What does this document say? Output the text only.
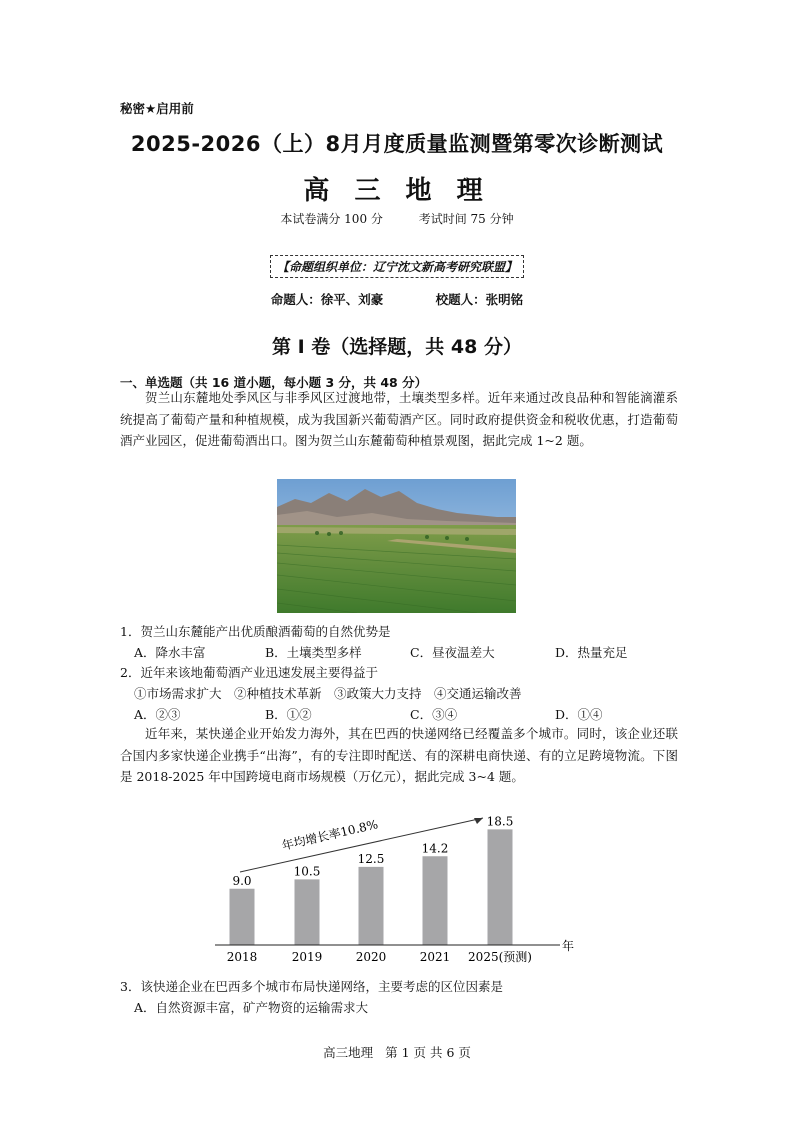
秘密★启用前
2025-2026（上）8月月度质量监测暨第零次诊断测试
高 三 地 理
本试卷满分 100 分	考试时间 75 分钟
【命题组织单位：辽宁沈文新高考研究联盟】
命题人：徐平、刘豪	校题人：张明铭
第 I 卷（选择题，共 48 分）
一、单选题（共 16 道小题，每小题 3 分，共 48 分）

贺兰山东麓地处季风区与非季风区过渡地带，土壤类型多样。近年来通过改良品种和智能滴灌系统提高了葡萄产量和种植规模，成为我国新兴葡萄酒产区。同时政府提供资金和税收优惠，打造葡萄酒产业园区，促进葡萄酒出口。图为贺兰山东麓葡萄种植景观图，据此完成 1~2 题。

1．贺兰山东麓能产出优质酿酒葡萄的自然优势是
A．降水丰富	B．土壤类型多样	C．昼夜温差大	D．热量充足
2．近年来该地葡萄酒产业迅速发展主要得益于
①市场需求扩大　②种植技术革新　③政策大力支持　④交通运输改善
A．②③	B．①②	C．③④	D．①④

近年来，某快递企业开始发力海外，其在巴西的快递网络已经覆盖多个城市。同时，该企业还联合国内多家快递企业携手“出海”，有的专注即时配送、有的深耕电商快递、有的立足跨境物流。下图是 2018-2025 年中国跨境电商市场规模（万亿元），据此完成 3~4 题。

9.0
2018
10.5
2019
12.5
2020
14.2
2021
18.5
2025(预测)
年
年均增长率10.8%
3．该快递企业在巴西多个城市布局快递网络，主要考虑的区位因素是
A．自然资源丰富，矿产物资的运输需求大
高三地理 第 1 页 共 6 页
